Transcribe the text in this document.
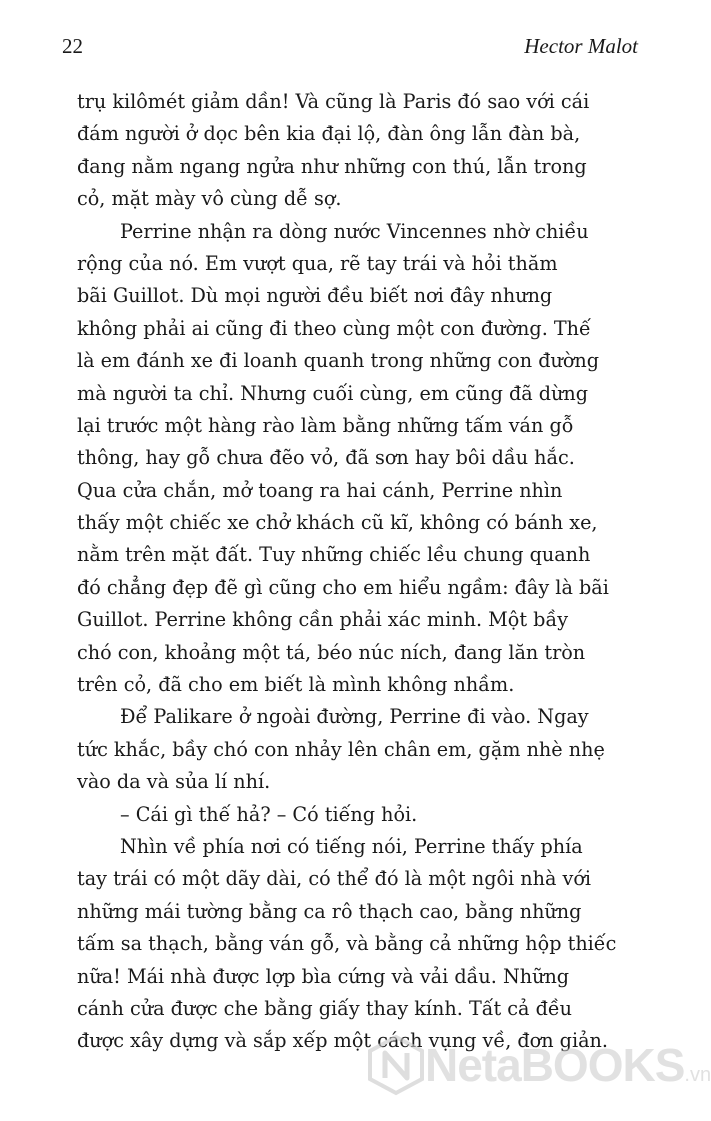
22	Hector Malot
trụ kilômét giảm dần! Và cũng là Paris đó sao với cái
đám người ở dọc bên kia đại lộ, đàn ông lẫn đàn bà,
đang nằm ngang ngửa như những con thú, lẫn trong
cỏ, mặt mày vô cùng dễ sợ.
Perrine nhận ra dòng nước Vincennes nhờ chiều
rộng của nó. Em vượt qua, rẽ tay trái và hỏi thăm
bãi Guillot. Dù mọi người đều biết nơi đây nhưng
không phải ai cũng đi theo cùng một con đường. Thế
là em đánh xe đi loanh quanh trong những con đường
mà người ta chỉ. Nhưng cuối cùng, em cũng đã dừng
lại trước một hàng rào làm bằng những tấm ván gỗ
thông, hay gỗ chưa đẽo vỏ, đã sơn hay bôi dầu hắc.
Qua cửa chắn, mở toang ra hai cánh, Perrine nhìn
thấy một chiếc xe chở khách cũ kĩ, không có bánh xe,
nằm trên mặt đất. Tuy những chiếc lều chung quanh
đó chẳng đẹp đẽ gì cũng cho em hiểu ngầm: đây là bãi
Guillot. Perrine không cần phải xác minh. Một bầy
chó con, khoảng một tá, béo núc ních, đang lăn tròn
trên cỏ, đã cho em biết là mình không nhầm.
Để Palikare ở ngoài đường, Perrine đi vào. Ngay
tức khắc, bầy chó con nhảy lên chân em, gặm nhè nhẹ
vào da và sủa lí nhí.
– Cái gì thế hả? – Có tiếng hỏi.
Nhìn về phía nơi có tiếng nói, Perrine thấy phía
tay trái có một dãy dài, có thể đó là một ngôi nhà với
những mái tường bằng ca rô thạch cao, bằng những
tấm sa thạch, bằng ván gỗ, và bằng cả những hộp thiếc
nữa! Mái nhà được lợp bìa cứng và vải dầu. Những
cánh cửa được che bằng giấy thay kính. Tất cả đều
được xây dựng và sắp xếp một cách vụng về, đơn giản.
NetaBOOKS.vn
